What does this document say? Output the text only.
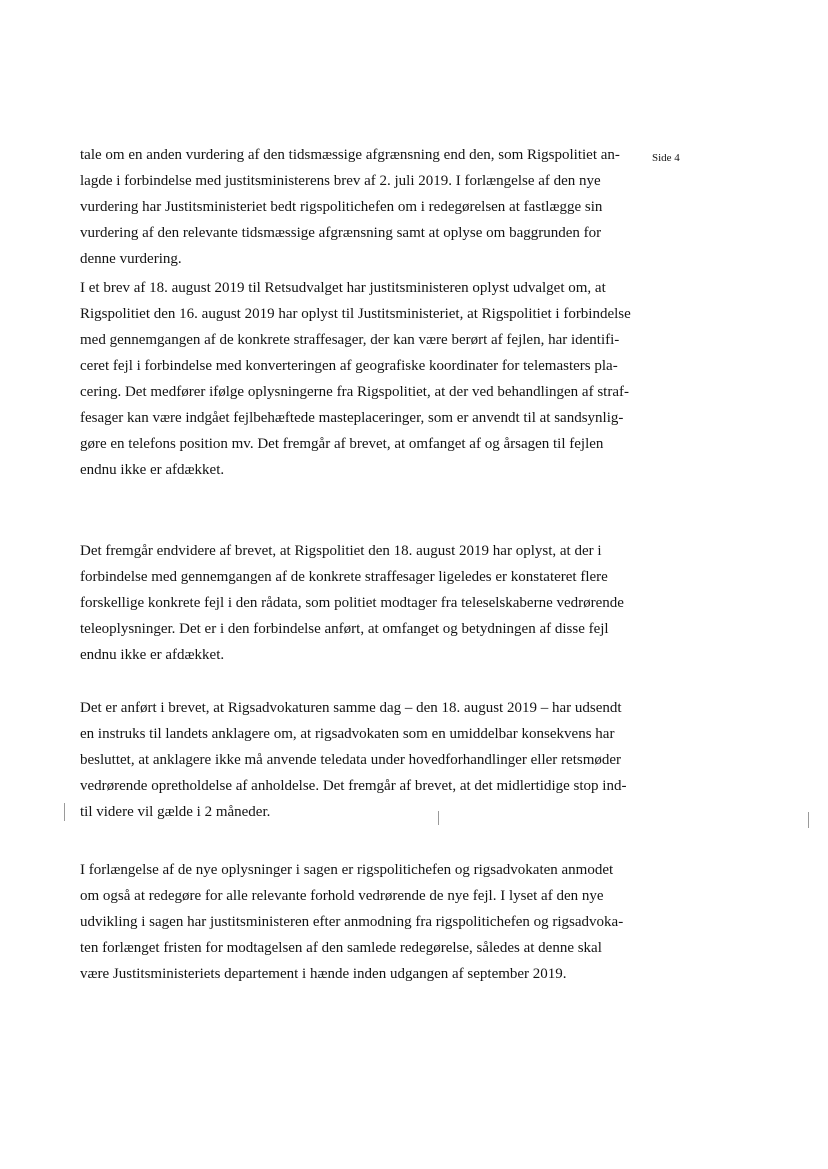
Side 4
tale om en anden vurdering af den tidsmæssige afgrænsning end den, som Rigspolitiet an-
lagde i forbindelse med justitsministerens brev af 2. juli 2019. I forlængelse af den nye
vurdering har Justitsministeriet bedt rigspolitichefen om i redegørelsen at fastlægge sin
vurdering af den relevante tidsmæssige afgrænsning samt at oplyse om baggrunden for
denne vurdering.
I et brev af 18. august 2019 til Retsudvalget har justitsministeren oplyst udvalget om, at
Rigspolitiet den 16. august 2019 har oplyst til Justitsministeriet, at Rigspolitiet i forbindelse
med gennemgangen af de konkrete straffesager, der kan være berørt af fejlen, har identifi-
ceret fejl i forbindelse med konverteringen af geografiske koordinater for telemasters pla-
cering. Det medfører ifølge oplysningerne fra Rigspolitiet, at der ved behandlingen af straf-
fesager kan være indgået fejlbehæftede masteplaceringer, som er anvendt til at sandsynlig-
gøre en telefons position mv. Det fremgår af brevet, at omfanget af og årsagen til fejlen
endnu ikke er afdækket.
Det fremgår endvidere af brevet, at Rigspolitiet den 18. august 2019 har oplyst, at der i
forbindelse med gennemgangen af de konkrete straffesager ligeledes er konstateret flere
forskellige konkrete fejl i den rådata, som politiet modtager fra teleselskaberne vedrørende
teleoplysninger. Det er i den forbindelse anført, at omfanget og betydningen af disse fejl
endnu ikke er afdækket.
Det er anført i brevet, at Rigsadvokaturen samme dag – den 18. august 2019 – har udsendt
en instruks til landets anklagere om, at rigsadvokaten som en umiddelbar konsekvens har
besluttet, at anklagere ikke må anvende teledata under hovedforhandlinger eller retsmøder
vedrørende opretholdelse af anholdelse. Det fremgår af brevet, at det midlertidige stop ind-
til videre vil gælde i 2 måneder.
I forlængelse af de nye oplysninger i sagen er rigspolitichefen og rigsadvokaten anmodet
om også at redegøre for alle relevante forhold vedrørende de nye fejl. I lyset af den nye
udvikling i sagen har justitsministeren efter anmodning fra rigspolitichefen og rigsadvoka-
ten forlænget fristen for modtagelsen af den samlede redegørelse, således at denne skal
være Justitsministeriets departement i hænde inden udgangen af september 2019.
